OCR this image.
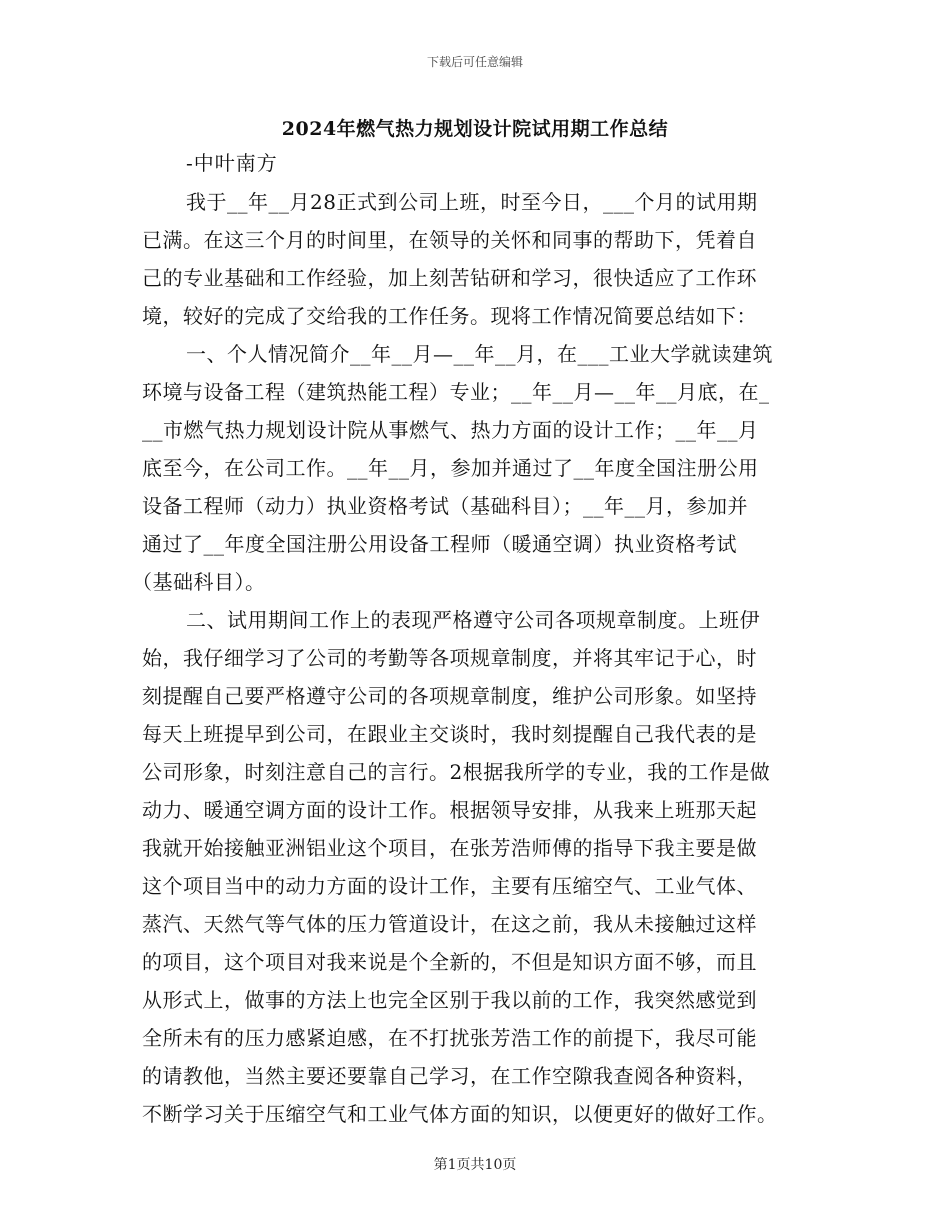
下载后可任意编辑
2024年燃气热力规划设计院试用期工作总结
-中叶南方
我于__年__月28正式到公司上班，时至今日，___个月的试用期
已满。在这三个月的时间里，在领导的关怀和同事的帮助下，凭着自
己的专业基础和工作经验，加上刻苦钻研和学习，很快适应了工作环
境，较好的完成了交给我的工作任务。现将工作情况简要总结如下：
一、个人情况简介__年__月—__年__月，在___工业大学就读建筑
环境与设备工程（建筑热能工程）专业；__年__月—__年__月底，在_
__市燃气热力规划设计院从事燃气、热力方面的设计工作；__年__月
底至今，在公司工作。__年__月，参加并通过了__年度全国注册公用
设备工程师（动力）执业资格考试（基础科目）；__年__月，参加并
通过了__年度全国注册公用设备工程师（暖通空调）执业资格考试
（基础科目）。
二、试用期间工作上的表现严格遵守公司各项规章制度。上班伊
始，我仔细学习了公司的考勤等各项规章制度，并将其牢记于心，时
刻提醒自己要严格遵守公司的各项规章制度，维护公司形象。如坚持
每天上班提早到公司，在跟业主交谈时，我时刻提醒自己我代表的是
公司形象，时刻注意自己的言行。2根据我所学的专业，我的工作是做
动力、暖通空调方面的设计工作。根据领导安排，从我来上班那天起
我就开始接触亚洲铝业这个项目，在张芳浩师傅的指导下我主要是做
这个项目当中的动力方面的设计工作，主要有压缩空气、工业气体、
蒸汽、天然气等气体的压力管道设计，在这之前，我从未接触过这样
的项目，这个项目对我来说是个全新的，不但是知识方面不够，而且
从形式上，做事的方法上也完全区别于我以前的工作，我突然感觉到
全所未有的压力感紧迫感，在不打扰张芳浩工作的前提下，我尽可能
的请教他，当然主要还要靠自己学习，在工作空隙我查阅各种资料，
不断学习关于压缩空气和工业气体方面的知识，以便更好的做好工作。
第1页共10页
